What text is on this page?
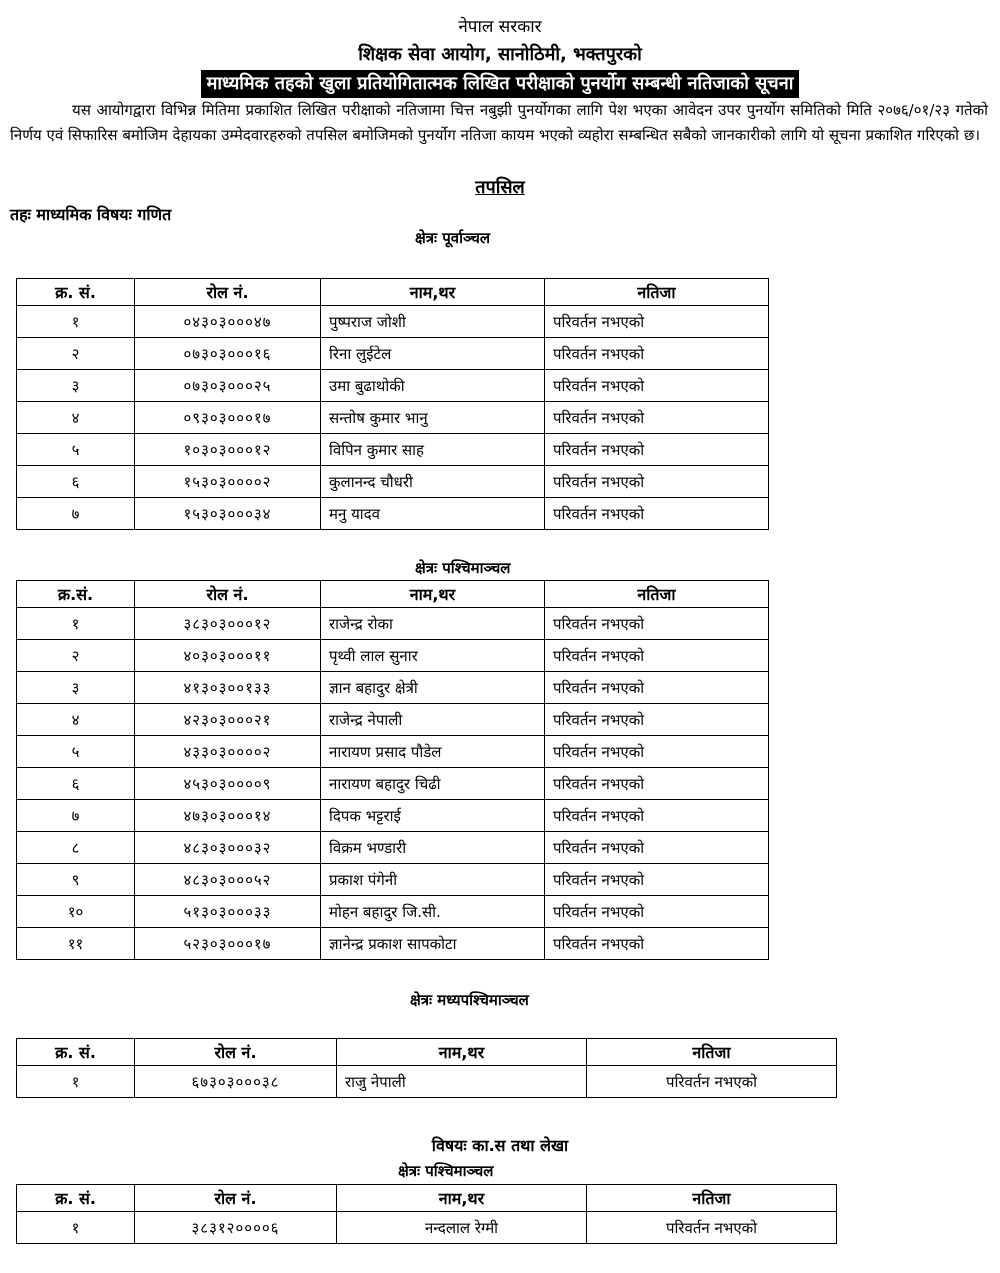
नेपाल सरकार
शिक्षक सेवा आयोग, सानोठिमी, भक्तपुरको
माध्यमिक तहको खुला प्रतियोगितात्मक लिखित परीक्षाको पुनर्योग सम्बन्धी नतिजाको सूचना
यस आयोगद्वारा विभिन्न मितिमा प्रकाशित लिखित परीक्षाको नतिजामा चित्त नबुझी पुनर्योगका लागि पेश भएका आवेदन उपर पुनर्योग समितिको मिति २०७६/०१/२३ गतेको निर्णय एवं सिफारिस बमोजिम देहायका उम्मेदवारहरुको तपसिल बमोजिमको पुनर्योग नतिजा कायम भएको व्यहोरा सम्बन्धित सबैको जानकारीको लागि यो सूचना प्रकाशित गरिएको छ।
तपसिल
तहः माध्यमिक विषयः गणित
क्षेत्रः पूर्वाञ्चल
क्र. सं.	रोल नं.	नाम,थर	नतिजा
१	०४३०३०००४७	पुष्पराज जोशी	परिवर्तन नभएको
२	०७३०३०००१६	रिना लुईटेल	परिवर्तन नभएको
३	०७३०३०००२५	उमा बुढाथोकी	परिवर्तन नभएको
४	०९३०३०००१७	सन्तोष कुमार भानु	परिवर्तन नभएको
५	१०३०३०००१२	विपिन कुमार साह	परिवर्तन नभएको
६	१५३०३००००२	कुलानन्द चौधरी	परिवर्तन नभएको
७	१५३०३०००३४	मनु यादव	परिवर्तन नभएको
क्षेत्रः पश्चिमाञ्चल
क्र.सं.	रोल नं.	नाम,थर	नतिजा
१	३८३०३०००१२	राजेन्द्र रोका	परिवर्तन नभएको
२	४०३०३०००११	पृथ्वी लाल सुनार	परिवर्तन नभएको
३	४१३०३००१३३	ज्ञान बहादुर क्षेत्री	परिवर्तन नभएको
४	४२३०३०००२१	राजेन्द्र नेपाली	परिवर्तन नभएको
५	४३३०३००००२	नारायण प्रसाद पौडेल	परिवर्तन नभएको
६	४५३०३००००९	नारायण बहादुर चिढी	परिवर्तन नभएको
७	४७३०३०००१४	दिपक भट्टराई	परिवर्तन नभएको
८	४८३०३०००३२	विक्रम भण्डारी	परिवर्तन नभएको
९	४८३०३०००५२	प्रकाश पंगेनी	परिवर्तन नभएको
१०	५१३०३०००३३	मोहन बहादुर जि.सी.	परिवर्तन नभएको
११	५२३०३०००१७	ज्ञानेन्द्र प्रकाश सापकोटा	परिवर्तन नभएको
क्षेत्रः मध्यपश्चिमाञ्चल
क्र. सं.	रोल नं.	नाम,थर	नतिजा
१	६७३०३०००३८	राजु नेपाली	परिवर्तन नभएको
विषयः का.स तथा लेखा
क्षेत्रः पश्चिमाञ्चल
क्र. सं.	रोल नं.	नाम,थर	नतिजा
१	३८३१२००००६	नन्दलाल रेग्मी	परिवर्तन नभएको
